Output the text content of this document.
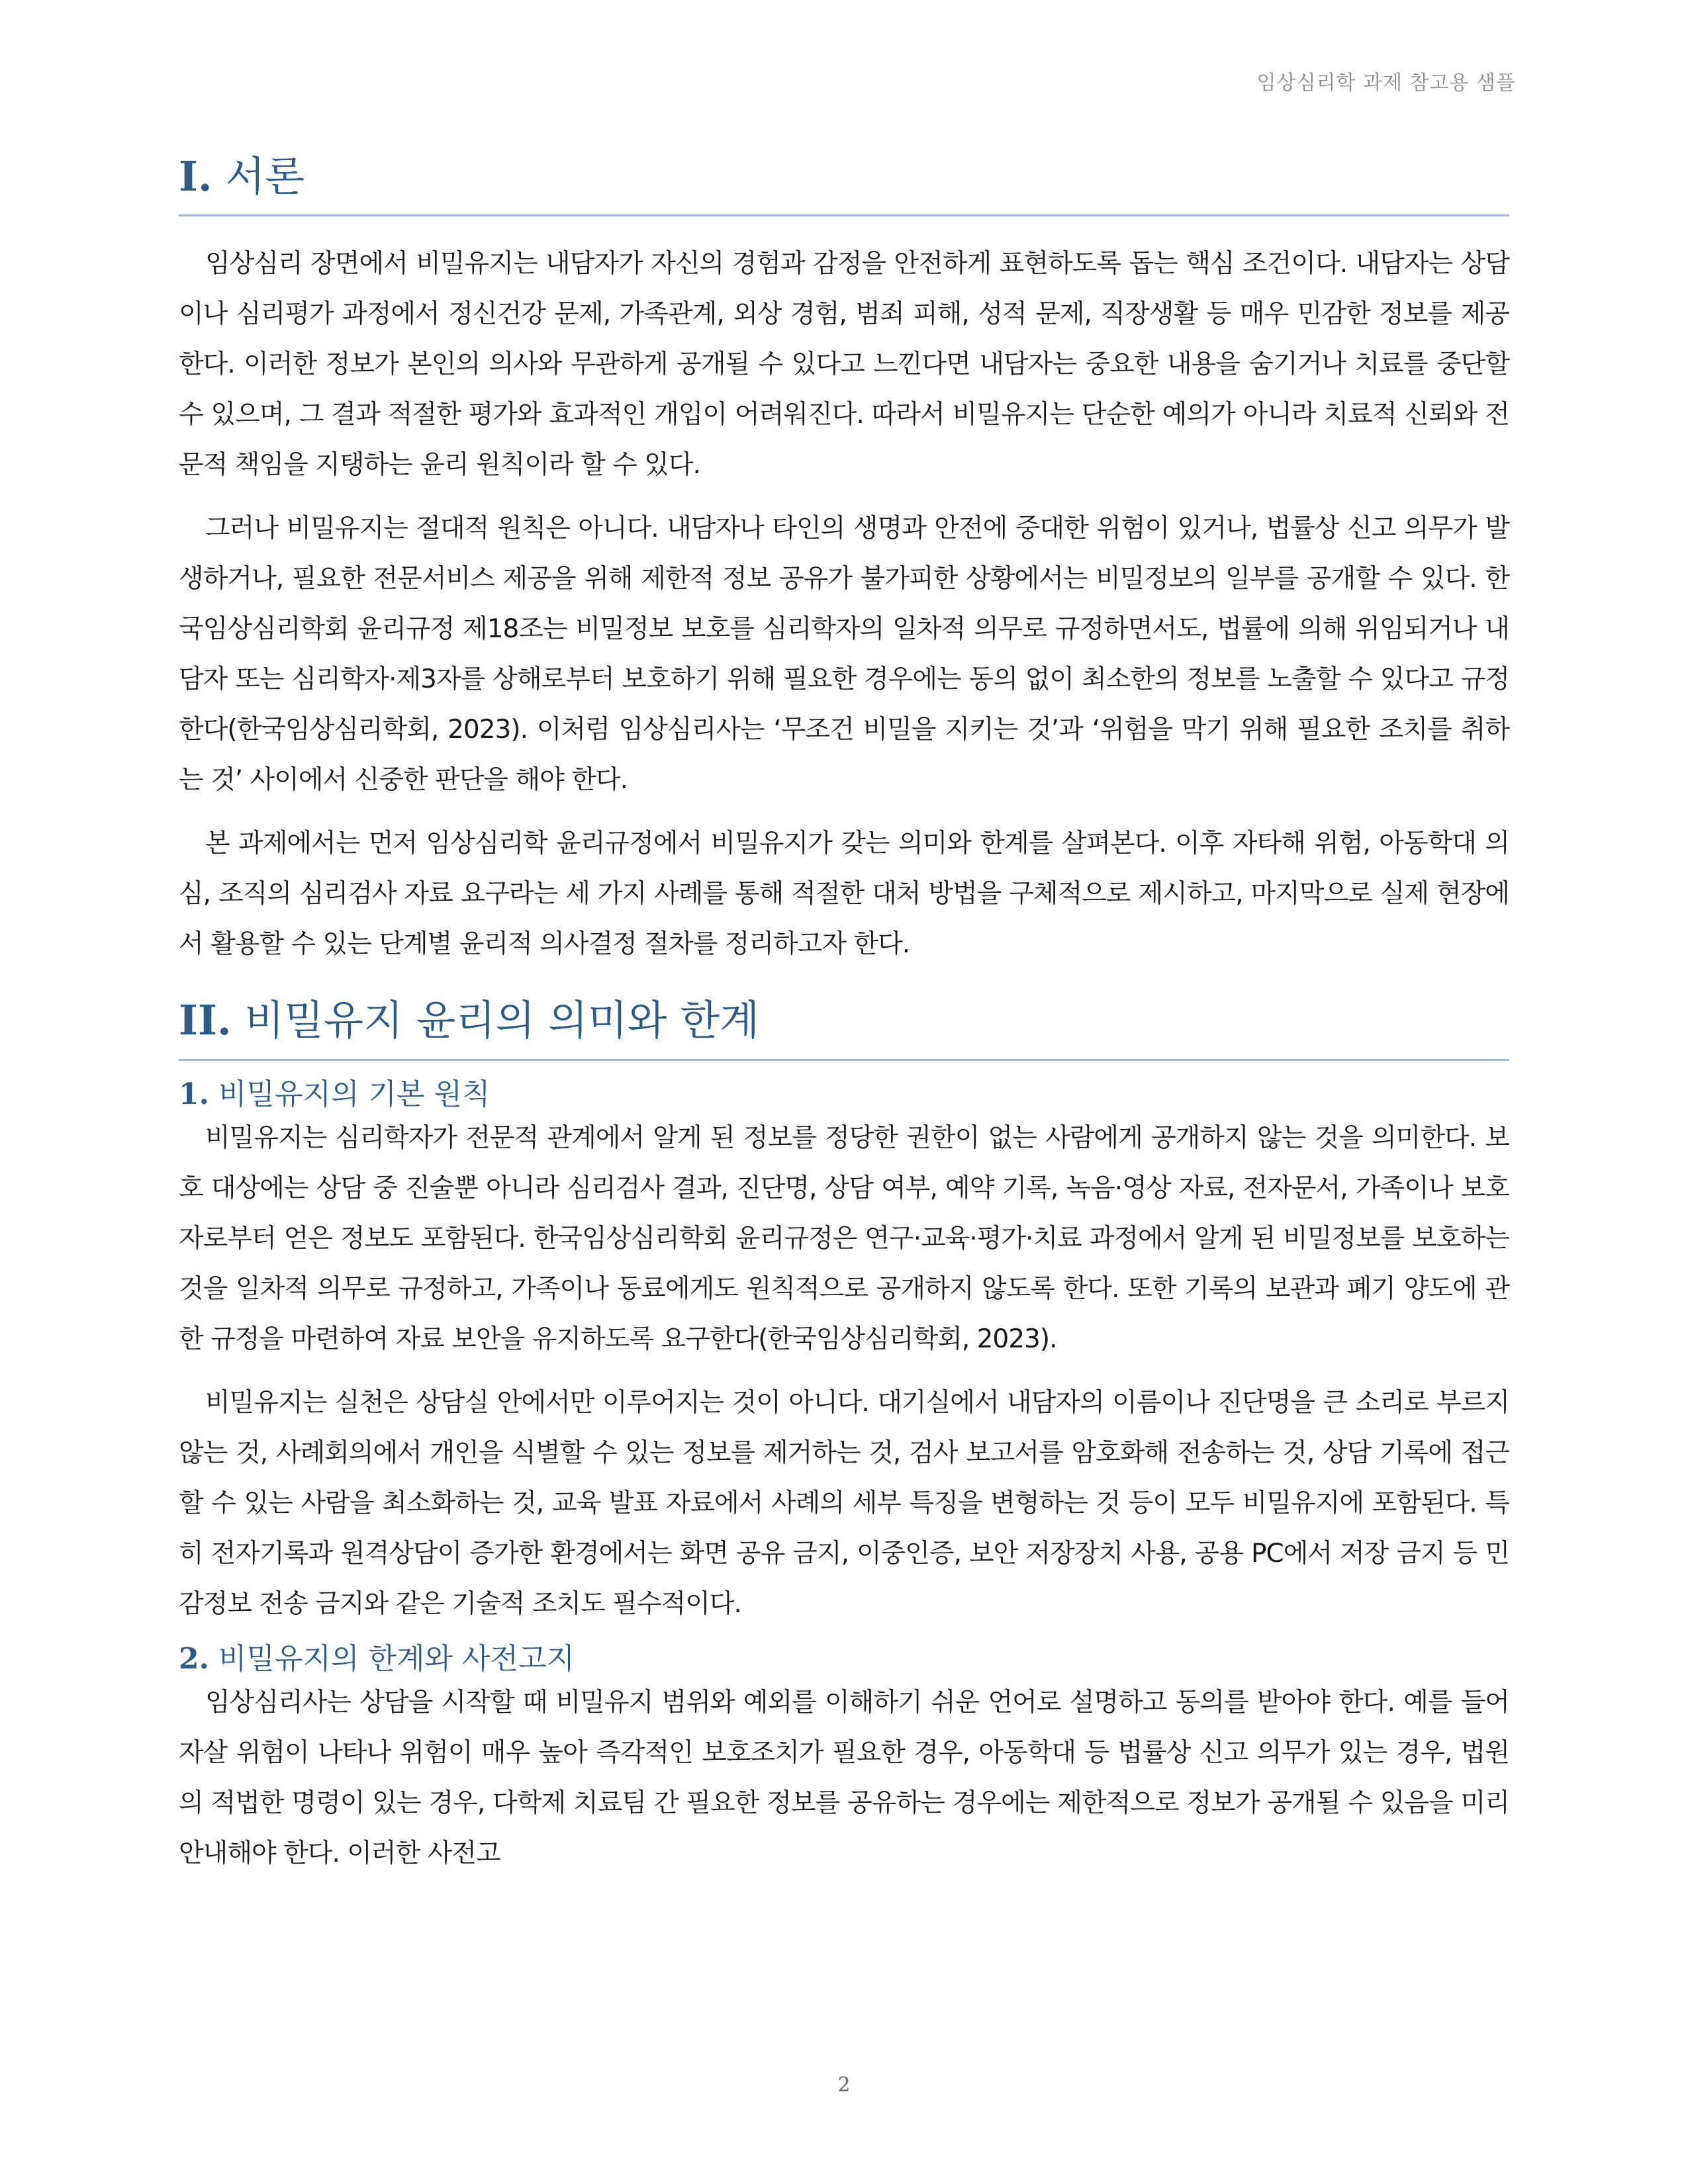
임상심리학 과제 참고용 샘플
I. 서론

임상심리 장면에서 비밀유지는 내담자가 자신의 경험과 감정을 안전하게 표현하도록 돕는 핵심 조건이다. 내담자는 상담이나 심리평가 과정에서 정신건강 문제, 가족관계, 외상 경험, 범죄 피해, 성적 문제, 직장생활 등 매우 민감한 정보를 제공한다. 이러한 정보가 본인의 의사와 무관하게 공개될 수 있다고 느낀다면 내담자는 중요한 내용을 숨기거나 치료를 중단할 수 있으며, 그 결과 적절한 평가와 효과적인 개입이 어려워진다. 따라서 비밀유지는 단순한 예의가 아니라 치료적 신뢰와 전문적 책임을 지탱하는 윤리 원칙이라 할 수 있다.

그러나 비밀유지는 절대적 원칙은 아니다. 내담자나 타인의 생명과 안전에 중대한 위험이 있거나, 법률상 신고 의무가 발생하거나, 필요한 전문서비스 제공을 위해 제한적 정보 공유가 불가피한 상황에서는 비밀정보의 일부를 공개할 수 있다. 한국임상심리학회 윤리규정 제18조는 비밀정보 보호를 심리학자의 일차적 의무로 규정하면서도, 법률에 의해 위임되거나 내담자 또는 심리학자·제3자를 상해로부터 보호하기 위해 필요한 경우에는 동의 없이 최소한의 정보를 노출할 수 있다고 규정한다(한국임상심리학회, 2023). 이처럼 임상심리사는 ‘무조건 비밀을 지키는 것’과 ‘위험을 막기 위해 필요한 조치를 취하는 것’ 사이에서 신중한 판단을 해야 한다.

본 과제에서는 먼저 임상심리학 윤리규정에서 비밀유지가 갖는 의미와 한계를 살펴본다. 이후 자타해 위험, 아동학대 의심, 조직의 심리검사 자료 요구라는 세 가지 사례를 통해 적절한 대처 방법을 구체적으로 제시하고, 마지막으로 실제 현장에서 활용할 수 있는 단계별 윤리적 의사결정 절차를 정리하고자 한다.

II. 비밀유지 윤리의 의미와 한계
1. 비밀유지의 기본 원칙

비밀유지는 심리학자가 전문적 관계에서 알게 된 정보를 정당한 권한이 없는 사람에게 공개하지 않는 것을 의미한다. 보호 대상에는 상담 중 진술뿐 아니라 심리검사 결과, 진단명, 상담 여부, 예약 기록, 녹음·영상 자료, 전자문서, 가족이나 보호자로부터 얻은 정보도 포함된다. 한국임상심리학회 윤리규정은 연구·교육·평가·치료 과정에서 알게 된 비밀정보를 보호하는 것을 일차적 의무로 규정하고, 가족이나 동료에게도 원칙적으로 공개하지 않도록 한다. 또한 기록의 보관과 폐기 양도에 관한 규정을 마련하여 자료 보안을 유지하도록 요구한다(한국임상심리학회, 2023).

비밀유지는 실천은 상담실 안에서만 이루어지는 것이 아니다. 대기실에서 내담자의 이름이나 진단명을 큰 소리로 부르지 않는 것, 사례회의에서 개인을 식별할 수 있는 정보를 제거하는 것, 검사 보고서를 암호화해 전송하는 것, 상담 기록에 접근할 수 있는 사람을 최소화하는 것, 교육 발표 자료에서 사례의 세부 특징을 변형하는 것 등이 모두 비밀유지에 포함된다. 특히 전자기록과 원격상담이 증가한 환경에서는 화면 공유 금지, 이중인증, 보안 저장장치 사용, 공용 PC에서 저장 금지 등 민감정보 전송 금지와 같은 기술적 조치도 필수적이다.

2. 비밀유지의 한계와 사전고지

임상심리사는 상담을 시작할 때 비밀유지 범위와 예외를 이해하기 쉬운 언어로 설명하고 동의를 받아야 한다. 예를 들어 자살 위험이 나타나 위험이 매우 높아 즉각적인 보호조치가 필요한 경우, 아동학대 등 법률상 신고 의무가 있는 경우, 법원의 적법한 명령이 있는 경우, 다학제 치료팀 간 필요한 정보를 공유하는 경우에는 제한적으로 정보가 공개될 수 있음을 미리 안내해야 한다. 이러한 사전고

2
